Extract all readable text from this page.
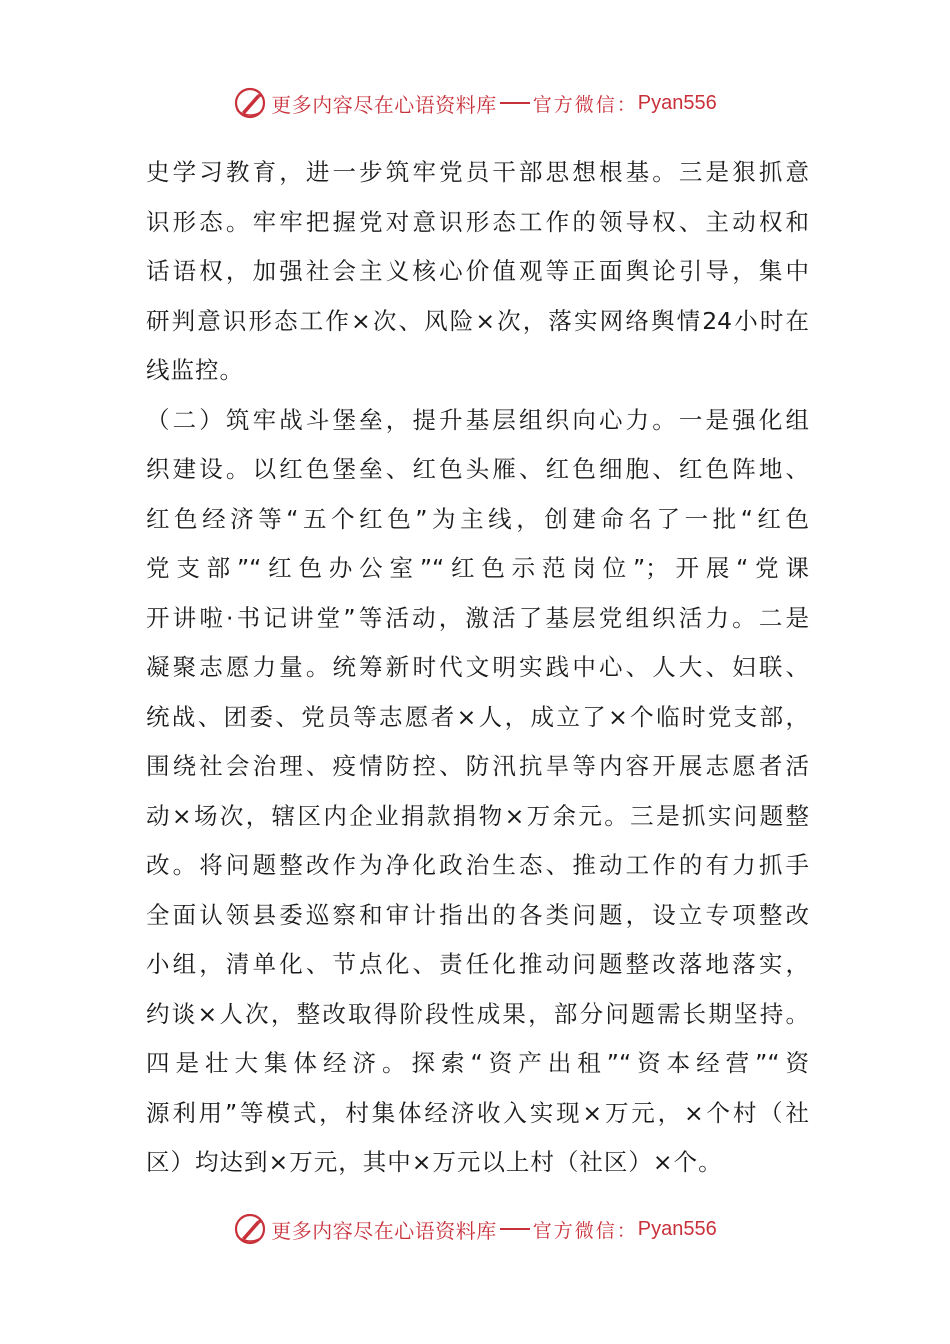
更多内容尽在心语资料库 官方微信： Pyan556
史学习教育，进一步筑牢党员干部思想根基。三是狠抓意
识形态。牢牢把握党对意识形态工作的领导权、主动权和
话语权，加强社会主义核心价值观等正面舆论引导，集中
研判意识形态工作×次、风险×次，落实网络舆情24小时在
线监控。
（二）筑牢战斗堡垒，提升基层组织向心力。一是强化组
织建设。以红色堡垒、红色头雁、红色细胞、红色阵地、
红色经济等“五个红色”为主线，创建命名了一批“红色
党支部”“红色办公室”“红色示范岗位”；开展“党课
开讲啦·书记讲堂”等活动，激活了基层党组织活力。二是
凝聚志愿力量。统筹新时代文明实践中心、人大、妇联、
统战、团委、党员等志愿者×人，成立了×个临时党支部，
围绕社会治理、疫情防控、防汛抗旱等内容开展志愿者活
动×场次，辖区内企业捐款捐物×万余元。三是抓实问题整
改。将问题整改作为净化政治生态、推动工作的有力抓手
全面认领县委巡察和审计指出的各类问题，设立专项整改
小组，清单化、节点化、责任化推动问题整改落地落实，
约谈×人次，整改取得阶段性成果，部分问题需长期坚持。
四是壮大集体经济。探索“资产出租”“资本经营”“资
源利用”等模式，村集体经济收入实现×万元，×个村（社
区）均达到×万元，其中×万元以上村（社区）×个。
更多内容尽在心语资料库 官方微信： Pyan556
